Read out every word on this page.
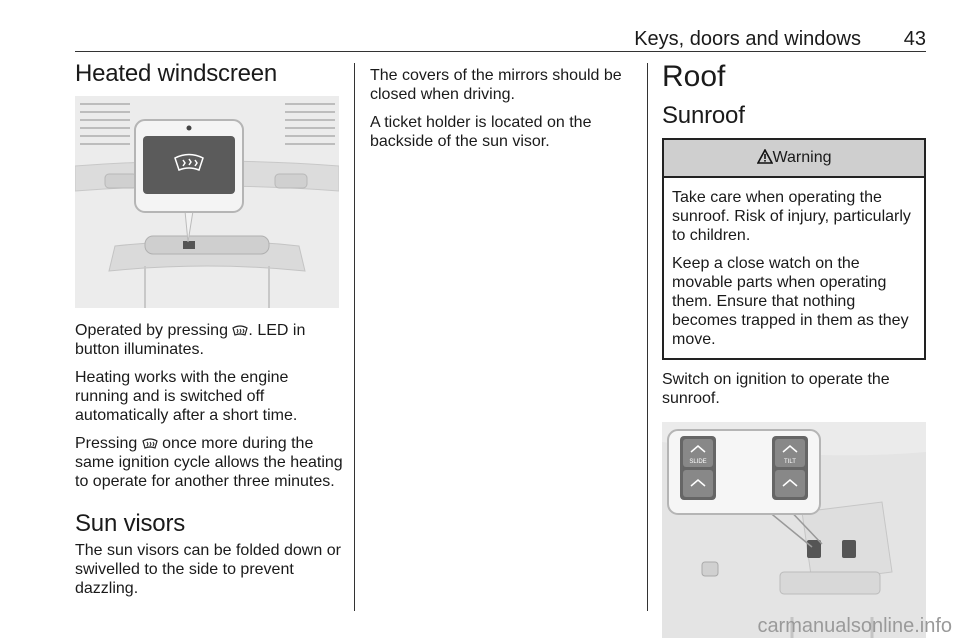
Keys, doors and windows 43
Heated windscreen

Operated by pressing . LED in button illuminates.

Heating works with the engine running and is switched off automatically after a short time.

Pressing  once more during the same ignition cycle allows the heating to operate for another three minutes.

Sun visors

The sun visors can be folded down or swivelled to the side to prevent dazzling.

The covers of the mirrors should be closed when driving.

A ticket holder is located on the backside of the sun visor.

Roof
Sunroof
Warning

Take care when operating the sunroof. Risk of injury, particularly to children.

Keep a close watch on the movable parts when operating them. Ensure that nothing becomes trapped in them as they move.

Switch on ignition to operate the sunroof.

SLIDE	TILT
carmanualsonline.info
